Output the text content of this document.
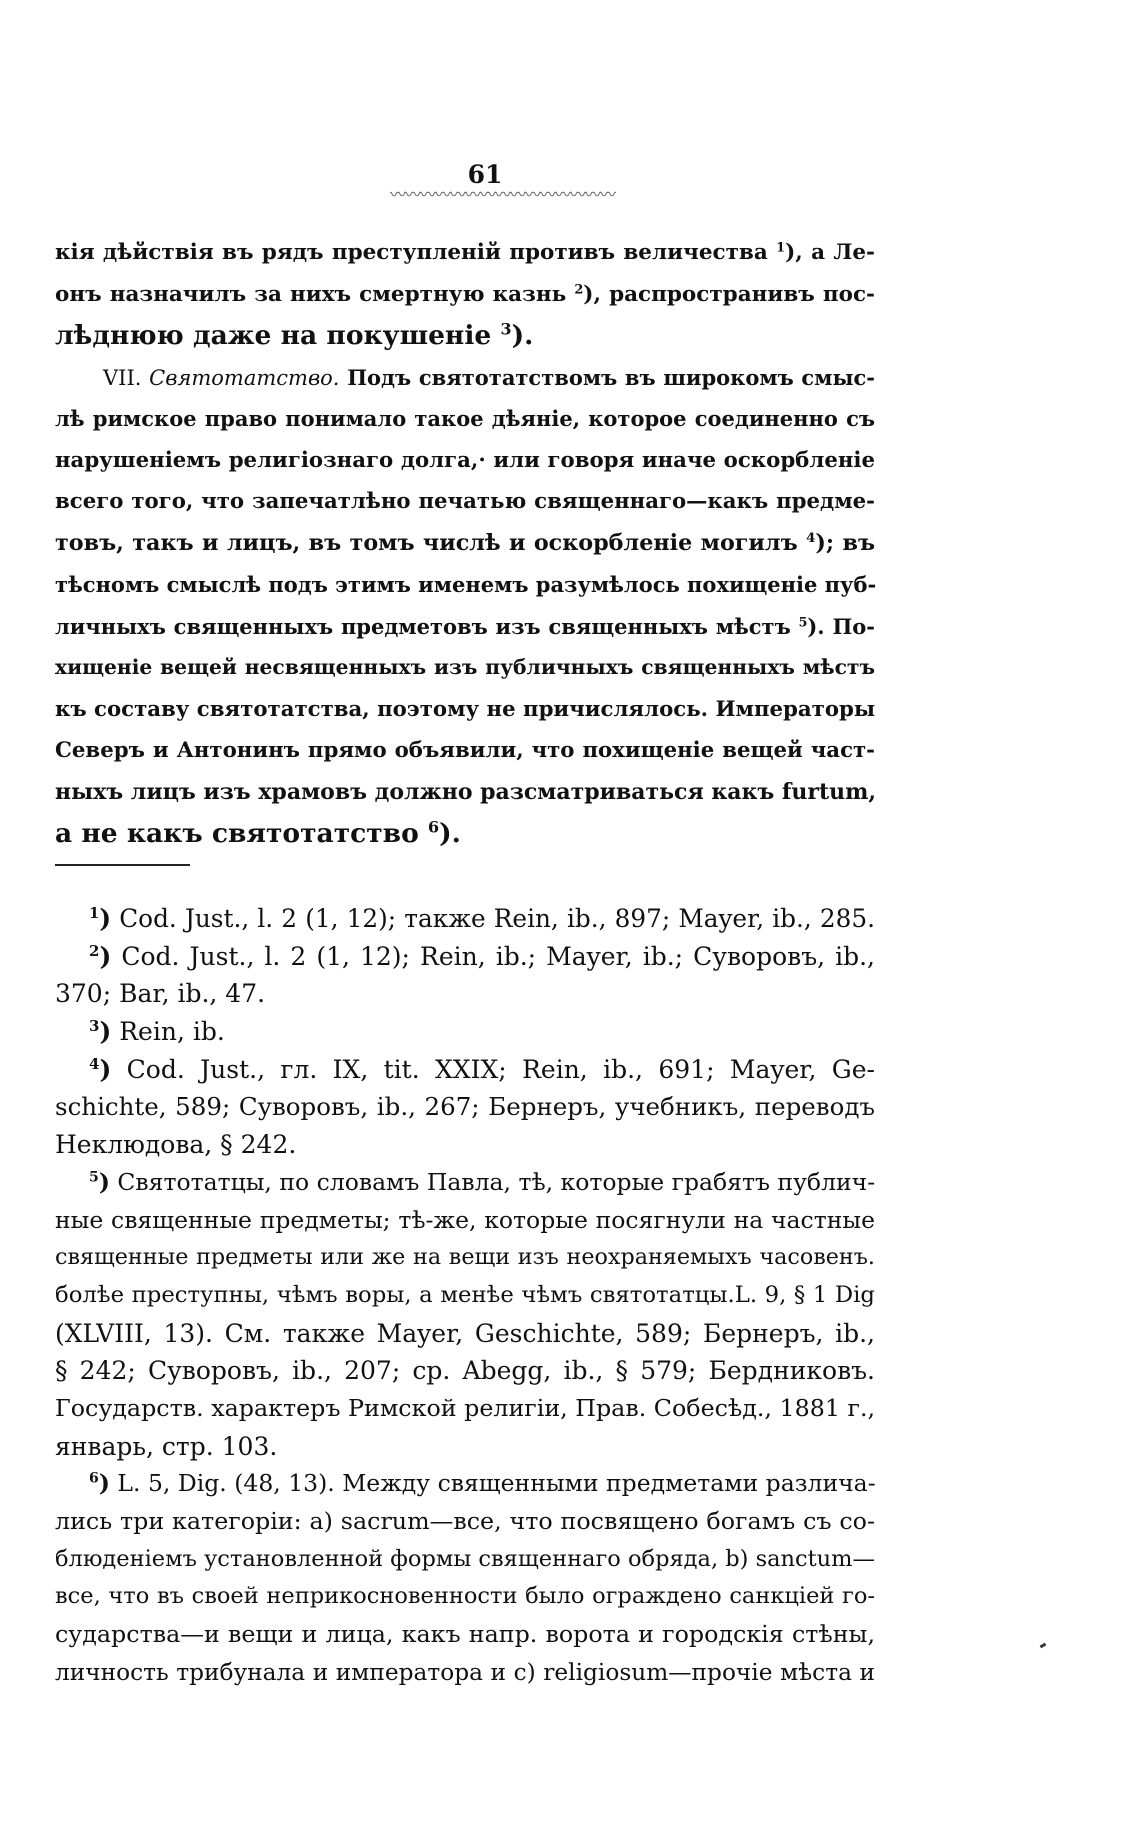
61
〰〰〰〰〰〰〰〰〰〰〰〰〰〰〰
кія дѣйствія въ рядъ преступленій противъ величества $^1$), а Ле-
онъ назначилъ за нихъ смертную казнь $^2$), распространивъ пос-
лѣднюю даже на покушеніе $^3$).
VII. Святотатство. Подъ святотатствомъ въ широкомъ смыс-
лѣ римское право понимало такое дѣяніе, которое соединенно съ
нарушеніемъ религіознаго долга,· или говоря иначе оскорбленіе
всего того, что запечатлѣно печатью священнаго—какъ предме-
товъ, такъ и лицъ, въ томъ числѣ и оскорбленіе могилъ $^4$); въ
тѣсномъ смыслѣ подъ этимъ именемъ разумѣлось похищеніе пуб-
личныхъ священныхъ предметовъ изъ священныхъ мѣстъ $^5$). По-
хищеніе вещей несвященныхъ изъ публичныхъ священныхъ мѣстъ
къ составу святотатства, поэтому не причислялось. Императоры
Северъ и Антонинъ прямо объявили, что похищеніе вещей част-
ныхъ лицъ изъ храмовъ должно разсматриваться какъ furtum,
а не какъ святотатство $^6$).
$^1$) Cod. Just., l. 2 (1, 12); также Rein, ib., 897; Mayer, ib., 285.
$^2$) Cod. Just., l. 2 (1, 12); Rein, ib.; Mayer, ib.; Суворовъ, ib.,
370; Bar, ib., 47.
$^3$) Rein, ib.
$^4$) Cod. Just., гл. IX, tit. XXIX; Rein, ib., 691; Mayer, Ge-
schichte, 589; Суворовъ, ib., 267; Бернеръ, учебникъ, переводъ
Неклюдова, § 242.
$^5$) Святотатцы, по словамъ Павла, тѣ, которые грабятъ публич-
ные священные предметы; тѣ-же, которые посягнули на частные
священные предметы или же на вещи изъ неохраняемыхъ часовенъ.
болѣе преступны, чѣмъ воры, а менѣе чѣмъ святотатцы.L. 9, § 1 Dig
(XLVIII, 13). См. также Mayer, Geschichte, 589; Бернеръ, ib.,
§ 242; Суворовъ, ib., 207; ср. Abegg, ib., § 579; Бердниковъ.
Государств. характеръ Римской религіи, Прав. Собесѣд., 1881 г.,
январь, стр. 103.
$^6$) L. 5, Dig. (48, 13). Между священными предметами различа-
лись три категоріи: a) sacrum—все, что посвящено богамъ съ со-
блюденіемъ установленной формы священнаго обряда, b) sanctum—
все, что въ своей неприкосновенности было ограждено санкціей го-
сударства—и вещи и лица, какъ напр. ворота и городскія стѣны,
личность трибунала и императора и c) religiosum—прочіе мѣста и
